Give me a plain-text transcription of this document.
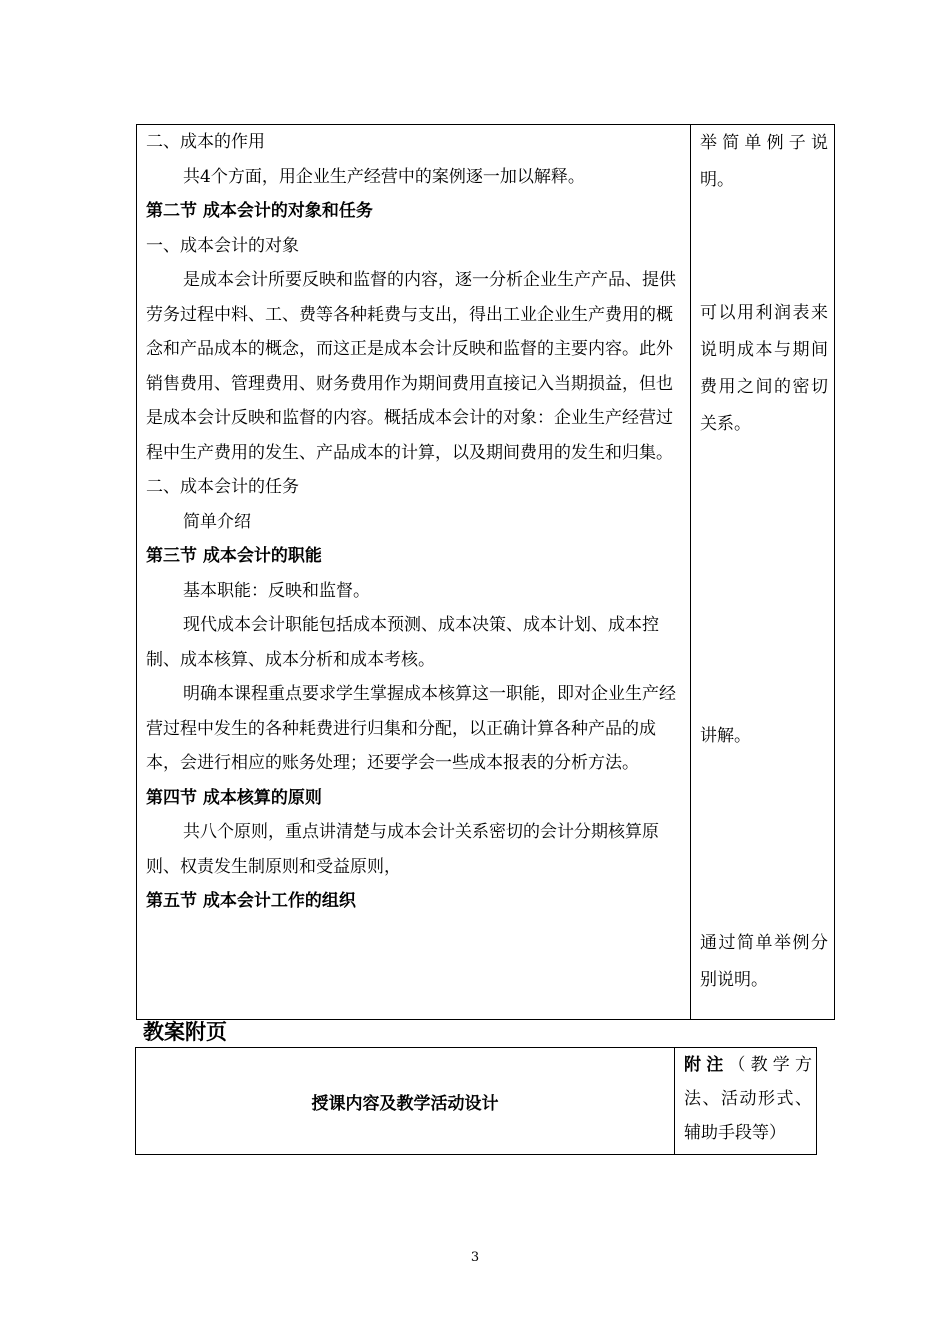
二、成本的作用

共4个方面，用企业生产经营中的案例逐一加以解释。

第二节 成本会计的对象和任务

一、成本会计的对象

是成本会计所要反映和监督的内容，逐一分析企业生产产品、提供劳务过程中料、工、费等各种耗费与支出，得出工业企业生产费用的概念和产品成本的概念，而这正是成本会计反映和监督的主要内容。此外销售费用、管理费用、财务费用作为期间费用直接记入当期损益，但也是成本会计反映和监督的内容。概括成本会计的对象：企业生产经营过程中生产费用的发生、产品成本的计算，以及期间费用的发生和归集。

二、成本会计的任务

简单介绍

第三节 成本会计的职能

基本职能：反映和监督。

现代成本会计职能包括成本预测、成本决策、成本计划、成本控制、成本核算、成本分析和成本考核。

明确本课程重点要求学生掌握成本核算这一职能，即对企业生产经营过程中发生的各种耗费进行归集和分配，以正确计算各种产品的成本，会进行相应的账务处理；还要学会一些成本报表的分析方法。

第四节 成本核算的原则

共八个原则，重点讲清楚与成本会计关系密切的会计分期核算原则、权责发生制原则和受益原则，

第五节 成本会计工作的组织

举简单例子说明。

可以用利润表来说明成本与期间费用之间的密切关系。

讲解。

通过简单举例分别说明。

教案附页
授课内容及教学活动设计

附注（教学方法、活动形式、辅助手段等）

3
